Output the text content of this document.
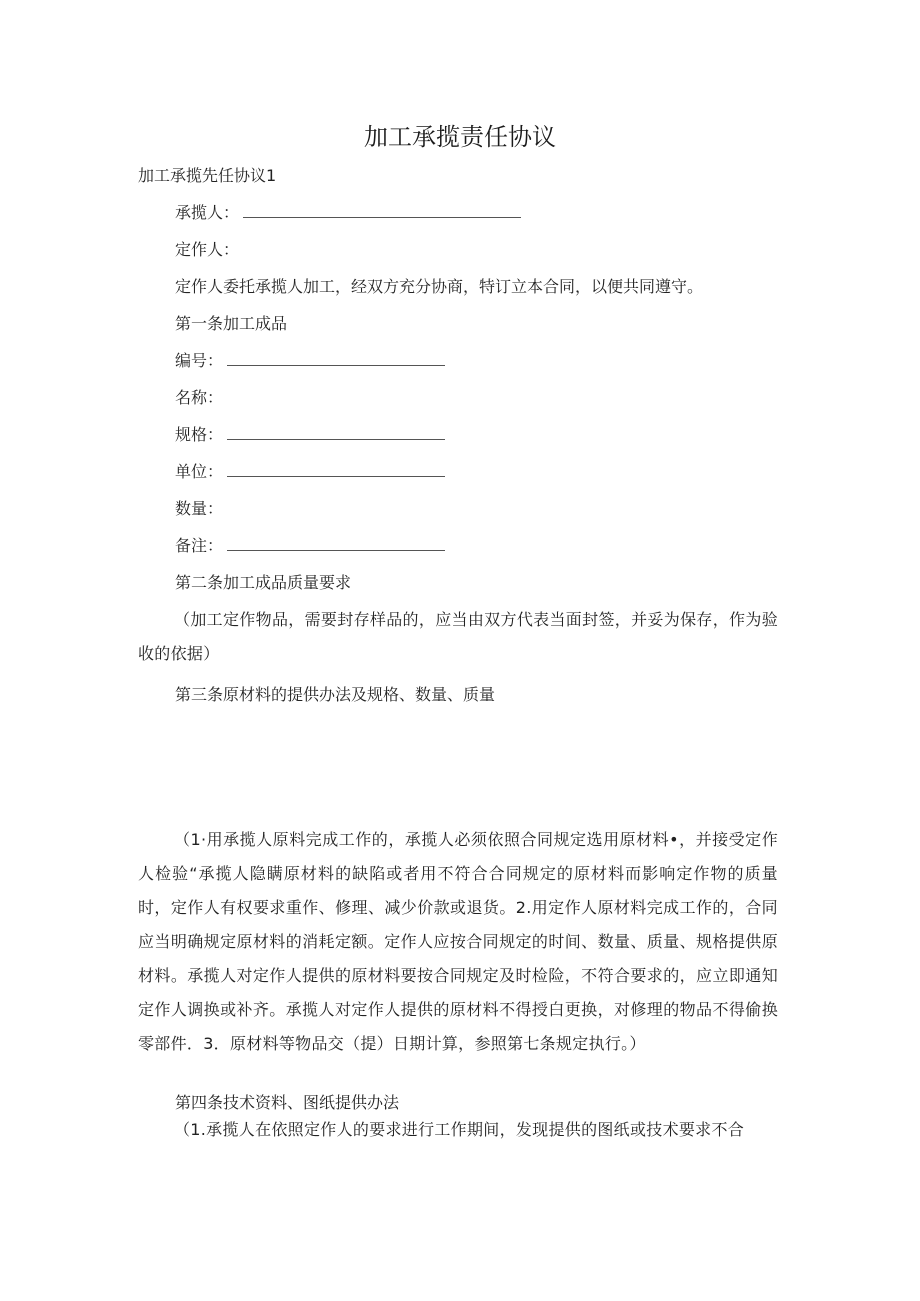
加工承揽责任协议
加工承揽先任协议1
承揽人：
定作人：
定作人委托承揽人加工，经双方充分协商，特订立本合同，以便共同遵守。
第一条加工成品
编号：
名称：
规格：
单位：
数量：
备注：
第二条加工成品质量要求
（加工定作物品，需要封存样品的，应当由双方代表当面封签，并妥为保存，作为验收的依据）
第三条原材料的提供办法及规格、数量、质量
（1·用承揽人原料完成工作的，承揽人必须依照合同规定选用原材料•，并接受定作人检验“承揽人隐瞒原材料的缺陷或者用不符合合同规定的原材料而影响定作物的质量时，定作人有权要求重作、修理、减少价款或退货。2.用定作人原材料完成工作的，合同应当明确规定原材料的消耗定额。定作人应按合同规定的时间、数量、质量、规格提供原材料。承揽人对定作人提供的原材料要按合同规定及时检险，不符合要求的，应立即通知定作人调换或补齐。承揽人对定作人提供的原材料不得授白更换，对修理的物品不得偷换零部件．3．原材料等物品交（提）日期计算，参照第七条规定执行。）
第四条技术资料、图纸提供办法
（1.承揽人在依照定作人的要求进行工作期间，发现提供的图纸或技术要求不合
